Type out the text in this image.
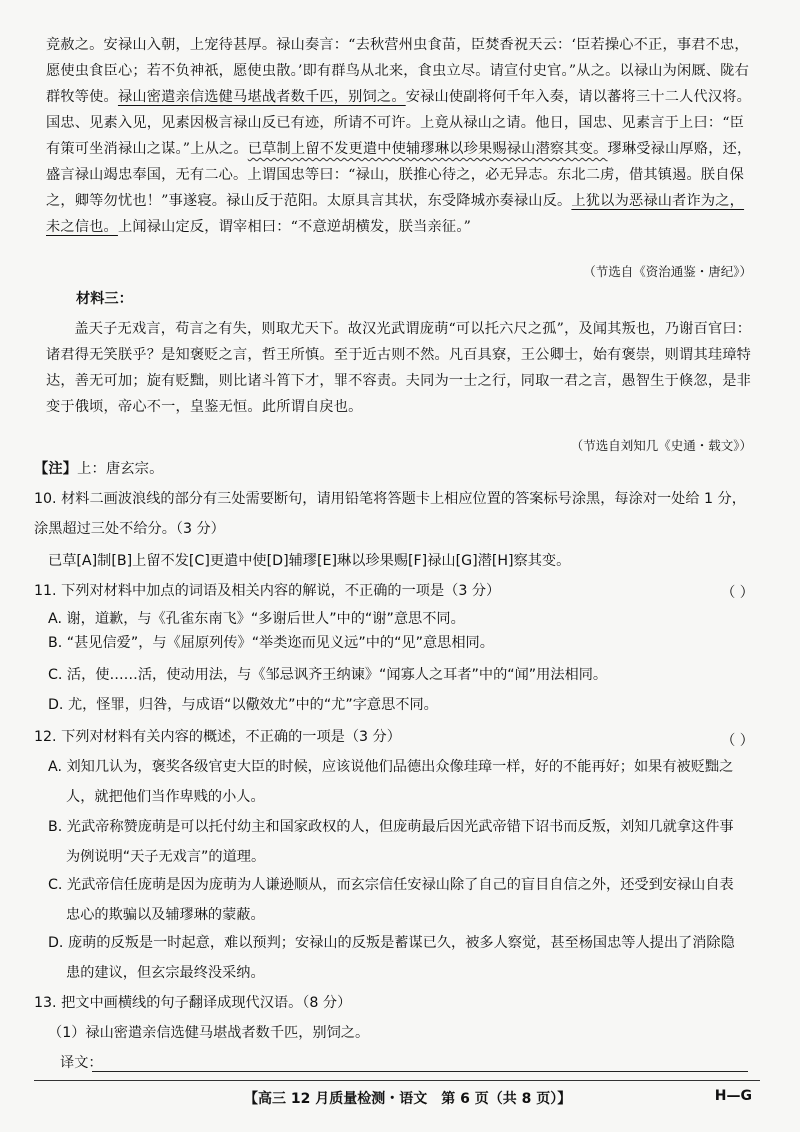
竞赦之。安禄山入朝，上宠待甚厚。禄山奏言：“去秋营州虫食苗，臣焚香祝天云：‘臣若操心不正，事君不忠，愿使虫食臣心；若不负神祇，愿使虫散。’即有群鸟从北来，食虫立尽。请宣付史官。”从之。以禄山为闲厩、陇右群牧等使。禄山密遣亲信选健马堪战者数千匹，别饲之。安禄山使副将何千年入奏，请以蕃将三十二人代汉将。国忠、见素入见，见素因极言禄山反已有迹，所请不可许。上竟从禄山之请。他日，国忠、见素言于上曰：“臣有策可坐消禄山之谋。”上从之。已草制上留不发更遣中使辅璆琳以珍果赐禄山潜察其变。璆琳受禄山厚赂，还，盛言禄山竭忠奉国，无有二心。上谓国忠等曰：“禄山，朕推心待之，必无异志。东北二虏，借其镇遏。朕自保之，卿等勿忧也！”事遂寝。禄山反于范阳。太原具言其状，东受降城亦奏禄山反。上犹以为恶禄山者诈为之，未之信也。上闻禄山定反，谓宰相曰：“不意逆胡横发，朕当亲征。”
（节选自《资治通鉴・唐纪》）
材料三：
盖天子无戏言，苟言之有失，则取尤天下。故汉光武谓庞萌“可以托六尺之孤”，及闻其叛也，乃谢百官曰：诸君得无笑朕乎？是知褒贬之言，哲王所慎。至于近古则不然。凡百具寮，王公卿士，始有褒崇，则谓其珪璋特达，善无可加；旋有贬黜，则比诸斗筲下才，罪不容责。夫同为一士之行，同取一君之言，愚智生于倏忽，是非变于俄顷，帝心不一，皇鉴无恒。此所谓自戾也。
（节选自刘知几《史通・载文》）
【注】上：唐玄宗。
10. 材料二画波浪线的部分有三处需要断句，请用铅笔将答题卡上相应位置的答案标号涂黑，每涂对一处给 1 分，涂黑超过三处不给分。（3 分）
已草[A]制[B]上留不发[C]更遣中使[D]辅璆[E]琳以珍果赐[F]禄山[G]潜[H]察其变。
11. 下列对材料中加点的词语及相关内容的解说，不正确的一项是（3 分）	（ ）
A. 谢，道歉，与《孔雀东南飞》“多谢后世人”中的“谢”意思不同。
B. “甚见信爱”，与《屈原列传》“举类迩而见义远”中的“见”意思相同。
C. 活，使……活，使动用法，与《邹忌讽齐王纳谏》“闻寡人之耳者”中的“闻”用法相同。
D. 尤，怪罪，归咎，与成语“以儆效尤”中的“尤”字意思不同。
12. 下列对材料有关内容的概述，不正确的一项是（3 分）	（ ）
A. 刘知几认为，褒奖各级官吏大臣的时候，应该说他们品德出众像珪璋一样，好的不能再好；如果有被贬黜之
人，就把他们当作卑贱的小人。
B. 光武帝称赞庞萌是可以托付幼主和国家政权的人，但庞萌最后因光武帝错下诏书而反叛，刘知几就拿这件事
为例说明“天子无戏言”的道理。
C. 光武帝信任庞萌是因为庞萌为人谦逊顺从，而玄宗信任安禄山除了自己的盲目自信之外，还受到安禄山自表
忠心的欺骗以及辅璆琳的蒙蔽。
D. 庞萌的反叛是一时起意，难以预判；安禄山的反叛是蓄谋已久，被多人察觉，甚至杨国忠等人提出了消除隐
患的建议，但玄宗最终没采纳。
13. 把文中画横线的句子翻译成现代汉语。（8 分）
（1）禄山密遣亲信选健马堪战者数千匹，别饲之。
译文：
【高三 12 月质量检测・语文　第 6 页（共 8 页）】	H—G
